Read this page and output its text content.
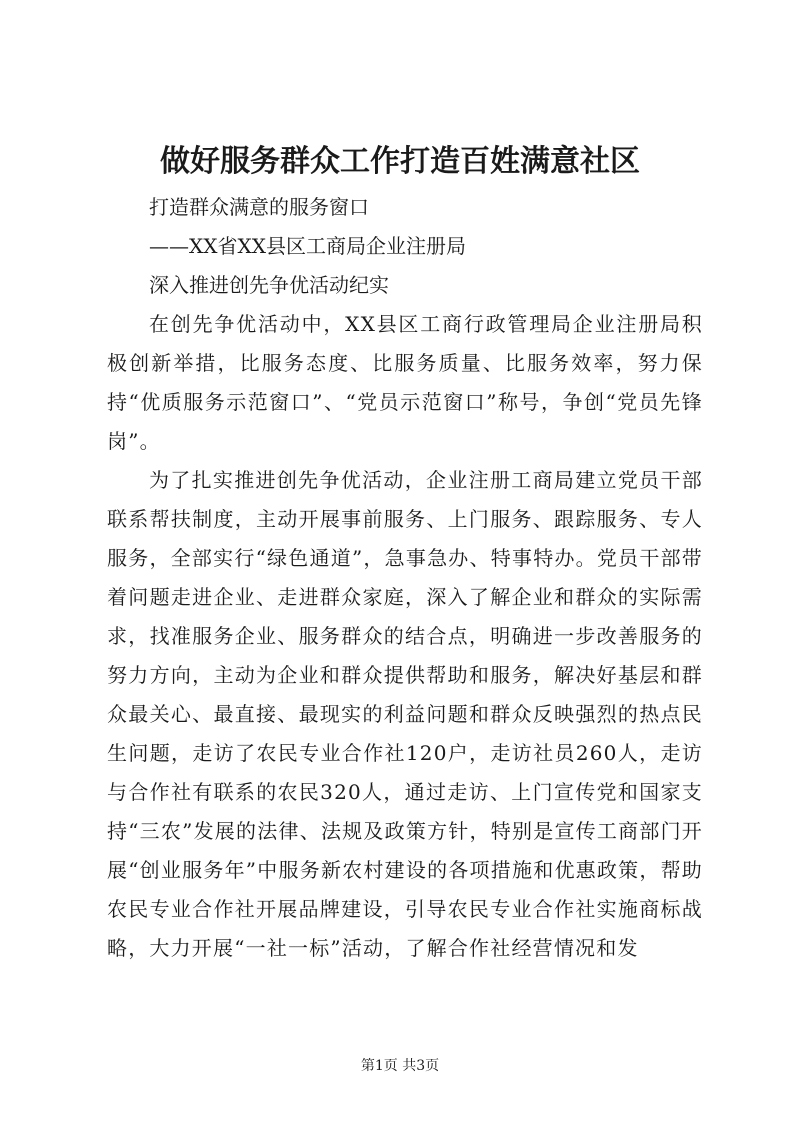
做好服务群众工作打造百姓满意社区

打造群众满意的服务窗口

——XX省XX县区工商局企业注册局

深入推进创先争优活动纪实

在创先争优活动中，XX县区工商行政管理局企业注册局积极创新举措，比服务态度、比服务质量、比服务效率，努力保持“优质服务示范窗口”、“党员示范窗口”称号，争创“党员先锋岗”。

为了扎实推进创先争优活动，企业注册工商局建立党员干部联系帮扶制度，主动开展事前服务、上门服务、跟踪服务、专人服务，全部实行“绿色通道”，急事急办、特事特办。党员干部带着问题走进企业、走进群众家庭，深入了解企业和群众的实际需求，找准服务企业、服务群众的结合点，明确进一步改善服务的努力方向，主动为企业和群众提供帮助和服务，解决好基层和群众最关心、最直接、最现实的利益问题和群众反映强烈的热点民生问题，走访了农民专业合作社120户，走访社员260人，走访与合作社有联系的农民320人，通过走访、上门宣传党和国家支持“三农”发展的法律、法规及政策方针，特别是宣传工商部门开展“创业服务年”中服务新农村建设的各项措施和优惠政策，帮助农民专业合作社开展品牌建设，引导农民专业合作社实施商标战略，大力开展“一社一标”活动，了解合作社经营情况和发

第1页 共3页
